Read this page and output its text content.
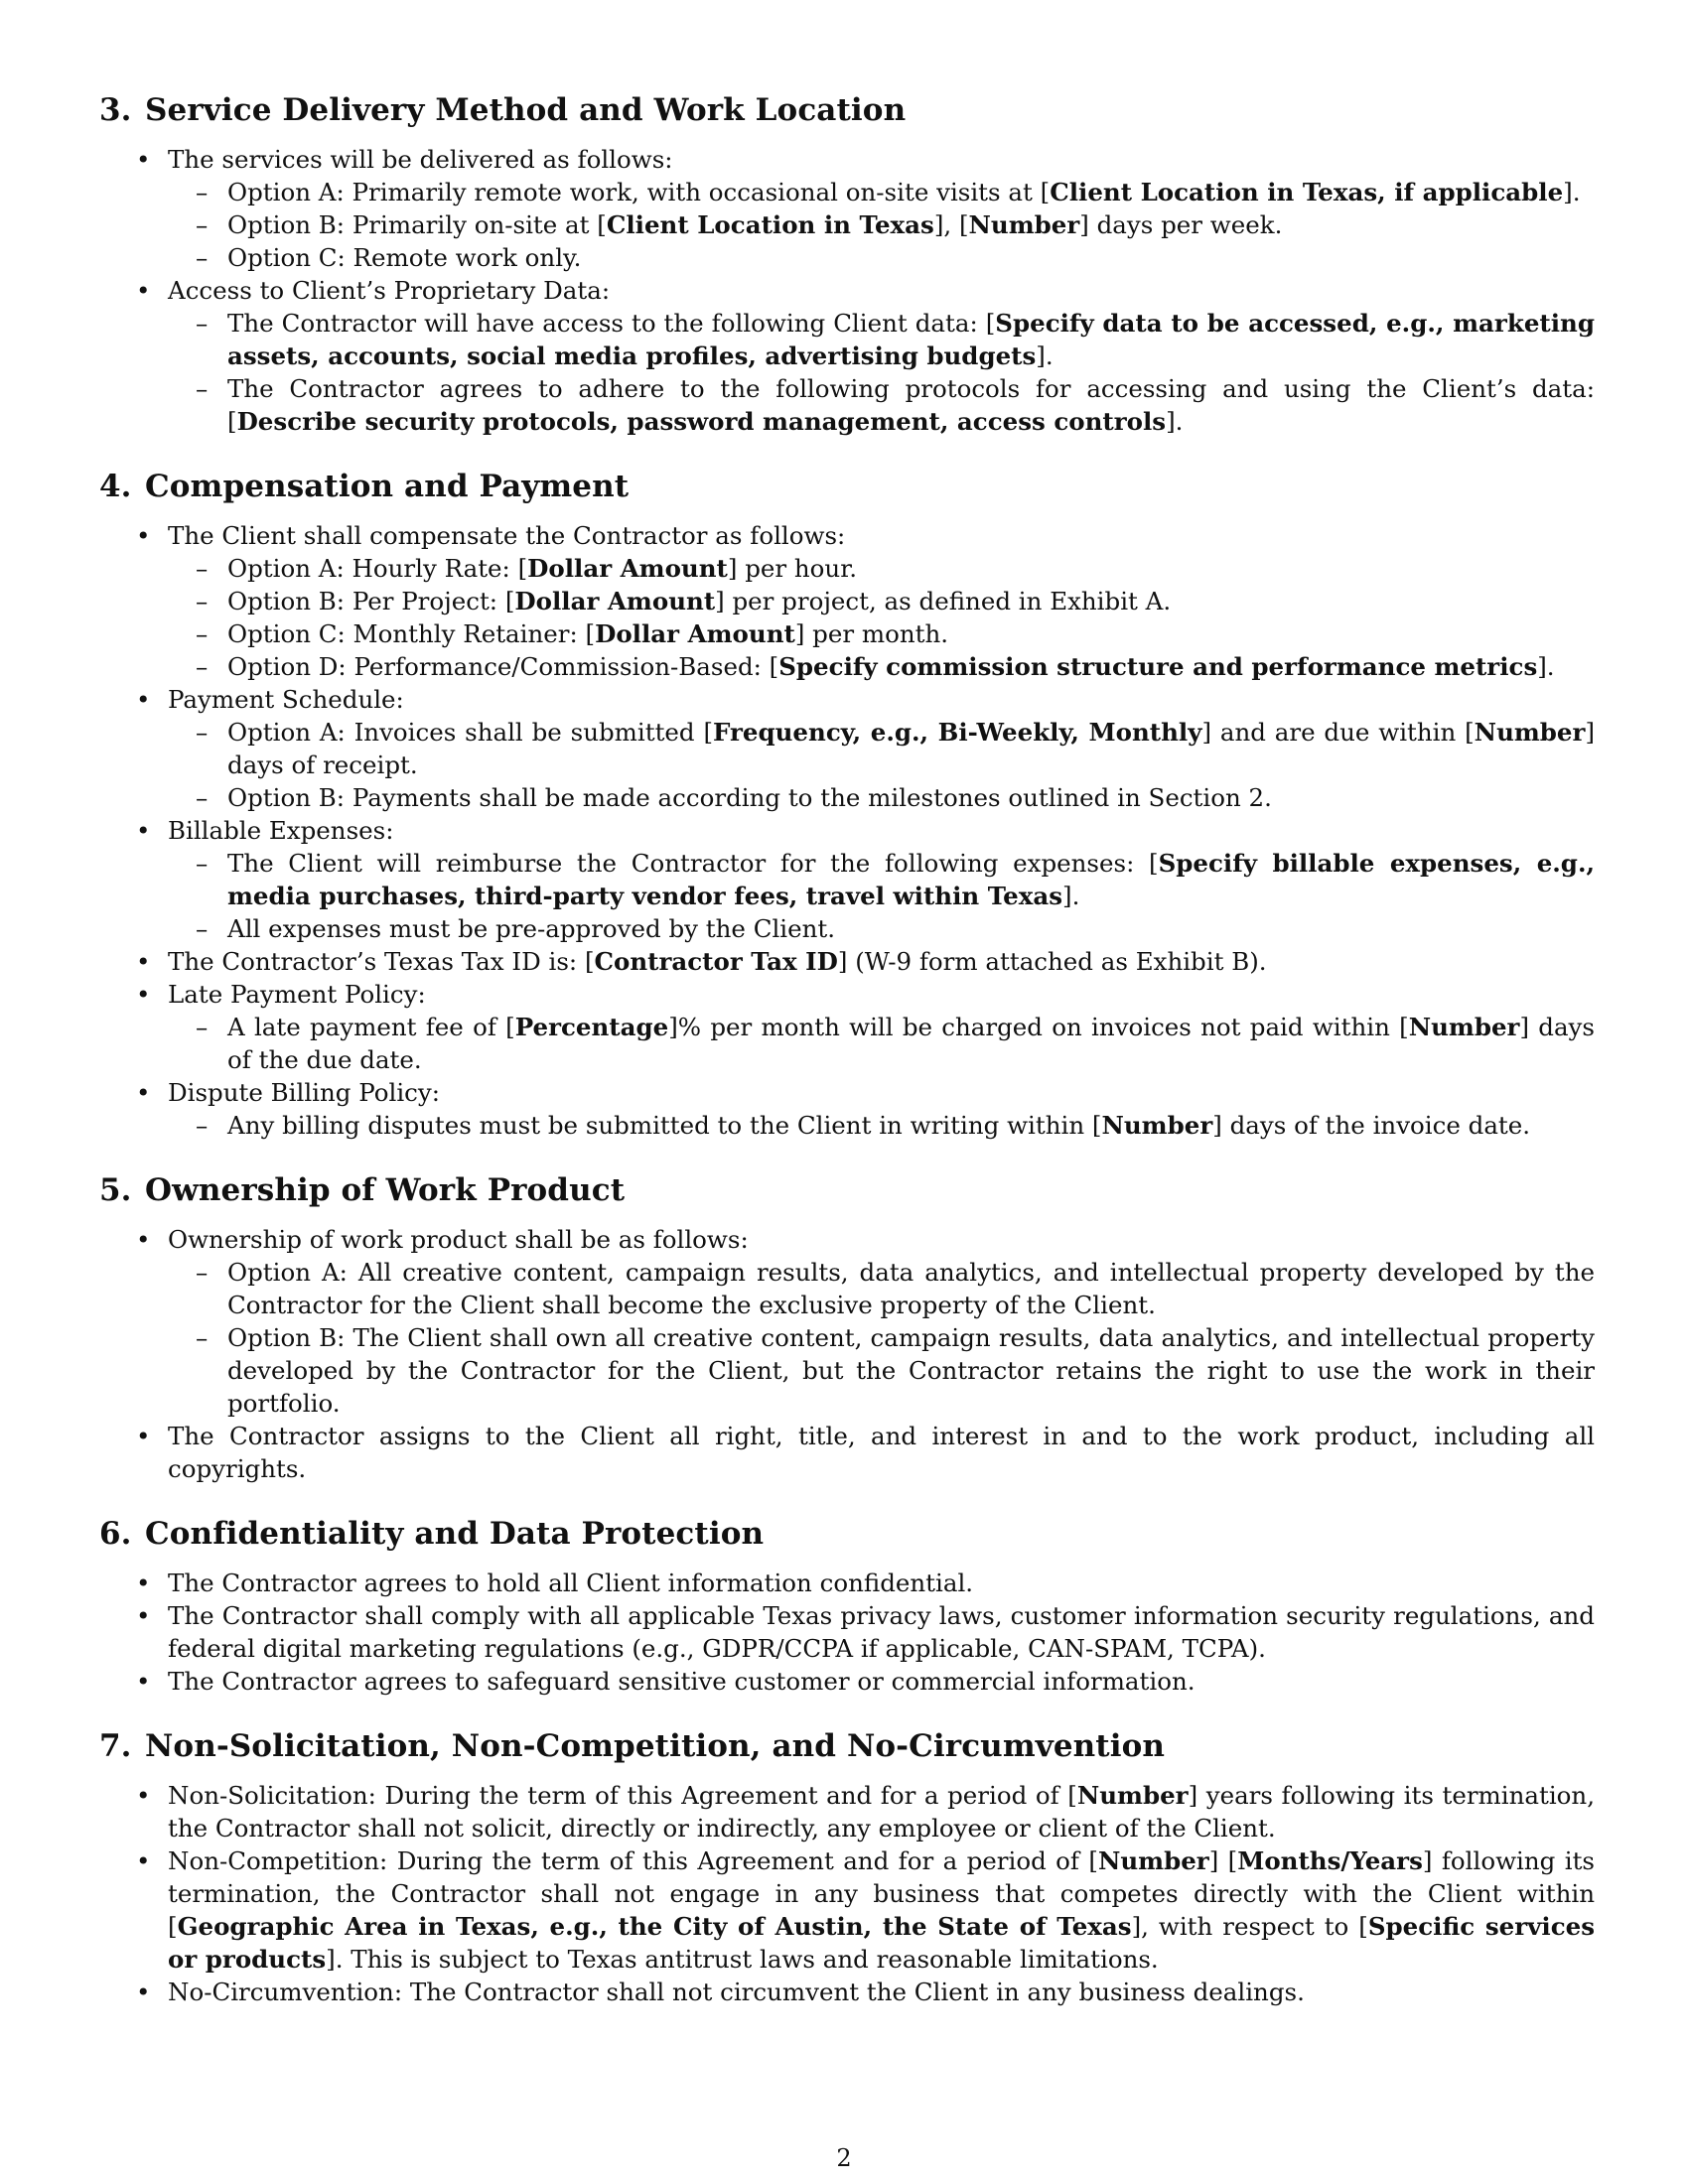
3. Service Delivery Method and Work Location
• The services will be delivered as follows:
– Option A: Primarily remote work, with occasional on-site visits at [Client Location in Texas, if applicable].
– Option B: Primarily on-site at [Client Location in Texas], [Number] days per week.
– Option C: Remote work only.
• Access to Client’s Proprietary Data:
– The Contractor will have access to the following Client data: [Specify data to be accessed, e.g., marketing assets, accounts, social media profiles, advertising budgets].
– The Contractor agrees to adhere to the following protocols for accessing and using the Client’s data: [Describe security protocols, password management, access controls].
4. Compensation and Payment
• The Client shall compensate the Contractor as follows:
– Option A: Hourly Rate: [Dollar Amount] per hour.
– Option B: Per Project: [Dollar Amount] per project, as defined in Exhibit A.
– Option C: Monthly Retainer: [Dollar Amount] per month.
– Option D: Performance/Commission-Based: [Specify commission structure and performance metrics].
• Payment Schedule:
– Option A: Invoices shall be submitted [Frequency, e.g., Bi-Weekly, Monthly] and are due within [Number] days of receipt.
– Option B: Payments shall be made according to the milestones outlined in Section 2.
• Billable Expenses:
– The Client will reimburse the Contractor for the following expenses: [Specify billable expenses, e.g., media purchases, third-party vendor fees, travel within Texas].
– All expenses must be pre-approved by the Client.
• The Contractor’s Texas Tax ID is: [Contractor Tax ID] (W-9 form attached as Exhibit B).
• Late Payment Policy:
– A late payment fee of [Percentage]% per month will be charged on invoices not paid within [Number] days of the due date.
• Dispute Billing Policy:
– Any billing disputes must be submitted to the Client in writing within [Number] days of the invoice date.
5. Ownership of Work Product
• Ownership of work product shall be as follows:
– Option A: All creative content, campaign results, data analytics, and intellectual property developed by the Contractor for the Client shall become the exclusive property of the Client.
– Option B: The Client shall own all creative content, campaign results, data analytics, and intellectual property developed by the Contractor for the Client, but the Contractor retains the right to use the work in their portfolio.
• The Contractor assigns to the Client all right, title, and interest in and to the work product, including all copyrights.
6. Confidentiality and Data Protection
• The Contractor agrees to hold all Client information confidential.
• The Contractor shall comply with all applicable Texas privacy laws, customer information security regulations, and federal digital marketing regulations (e.g., GDPR/CCPA if applicable, CAN-SPAM, TCPA).
• The Contractor agrees to safeguard sensitive customer or commercial information.
7. Non-Solicitation, Non-Competition, and No-Circumvention
• Non-Solicitation: During the term of this Agreement and for a period of [Number] years following its termination, the Contractor shall not solicit, directly or indirectly, any employee or client of the Client.
• Non-Competition: During the term of this Agreement and for a period of [Number] [Months/Years] following its termination, the Contractor shall not engage in any business that competes directly with the Client within [Geographic Area in Texas, e.g., the City of Austin, the State of Texas], with respect to [Specific services or products]. This is subject to Texas antitrust laws and reasonable limitations.
• No-Circumvention: The Contractor shall not circumvent the Client in any business dealings.
2
